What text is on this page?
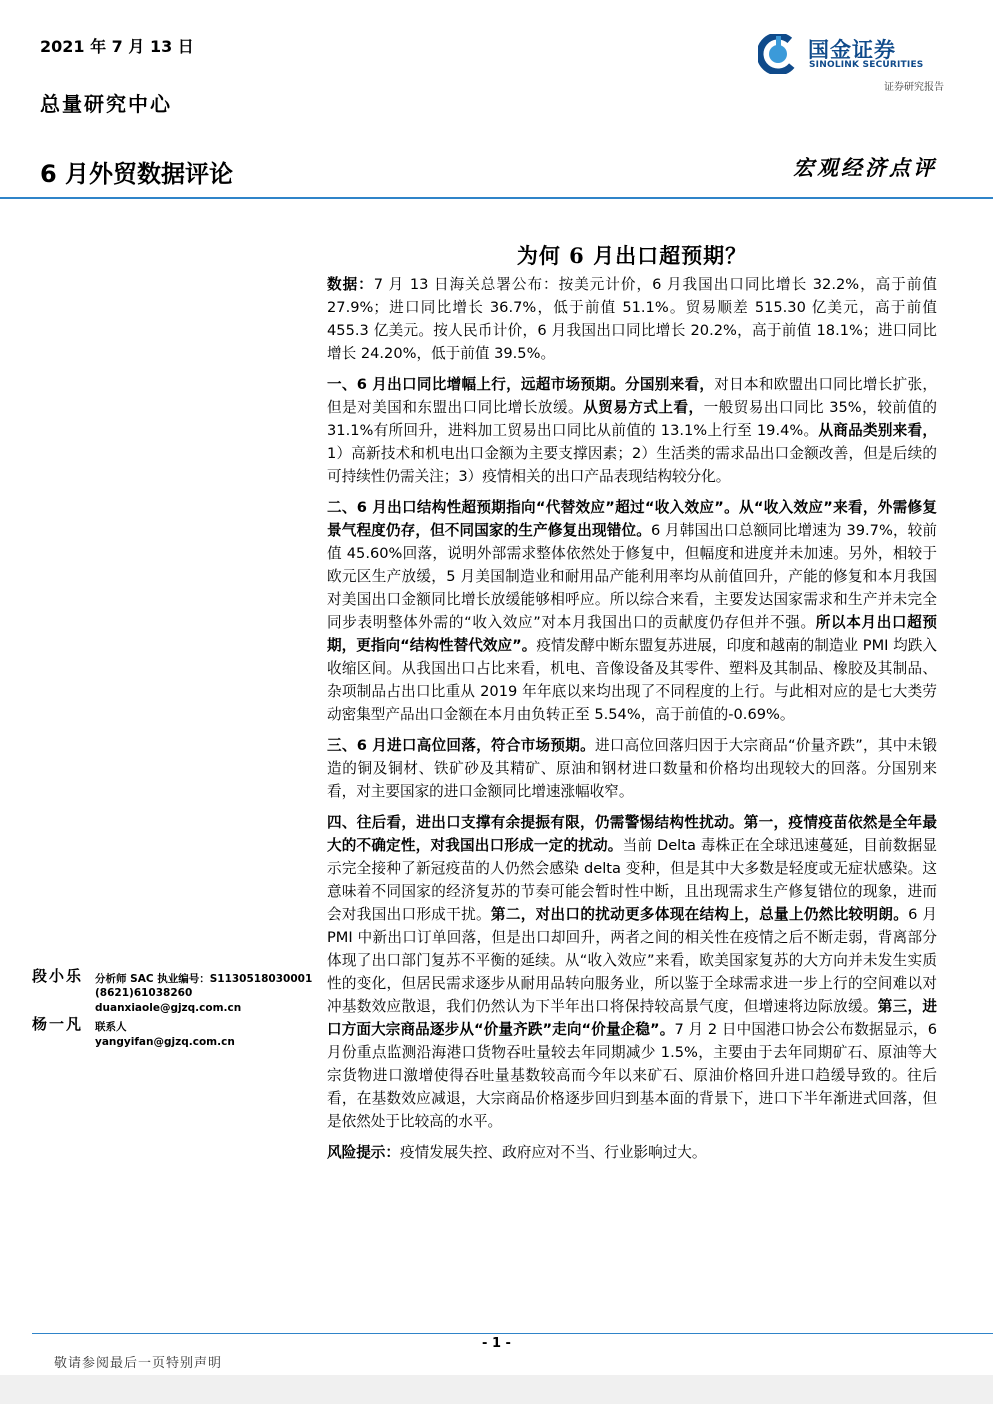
2021 年 7 月 13 日
总量研究中心
6 月外贸数据评论	宏观经济点评
国金证券
SINOLINK SECURITIES
证券研究报告
为何 6 月出口超预期？

数据：7 月 13 日海关总署公布：按美元计价，6 月我国出口同比增长 32.2%，高于前值 27.9%；进口同比增长 36.7%，低于前值 51.1%。贸易顺差 515.30 亿美元，高于前值 455.3 亿美元。按人民币计价，6 月我国出口同比增长 20.2%，高于前值 18.1%；进口同比增长 24.20%，低于前值 39.5%。

一、6 月出口同比增幅上行，远超市场预期。分国别来看，对日本和欧盟出口同比增长扩张，但是对美国和东盟出口同比增长放缓。从贸易方式上看，一般贸易出口同比 35%，较前值的 31.1%有所回升，进料加工贸易出口同比从前值的 13.1%上行至 19.4%。从商品类别来看，1）高新技术和机电出口金额为主要支撑因素；2）生活类的需求品出口金额改善，但是后续的可持续性仍需关注；3）疫情相关的出口产品表现结构较分化。

二、6 月出口结构性超预期指向“代替效应”超过“收入效应”。从“收入效应”来看，外需修复景气程度仍存，但不同国家的生产修复出现错位。6 月韩国出口总额同比增速为 39.7%，较前值 45.60%回落，说明外部需求整体依然处于修复中，但幅度和进度并未加速。另外，相较于欧元区生产放缓，5 月美国制造业和耐用品产能利用率均从前值回升，产能的修复和本月我国对美国出口金额同比增长放缓能够相呼应。所以综合来看，主要发达国家需求和生产并未完全同步表明整体外需的“收入效应”对本月我国出口的贡献度仍存但并不强。所以本月出口超预期，更指向“结构性替代效应”。疫情发酵中断东盟复苏进展，印度和越南的制造业 PMI 均跌入收缩区间。从我国出口占比来看，机电、音像设备及其零件、塑料及其制品、橡胶及其制品、杂项制品占出口比重从 2019 年年底以来均出现了不同程度的上行。与此相对应的是七大类劳动密集型产品出口金额在本月由负转正至 5.54%，高于前值的-0.69%。

三、6 月进口高位回落，符合市场预期。进口高位回落归因于大宗商品“价量齐跌”，其中未锻造的铜及铜材、铁矿砂及其精矿、原油和钢材进口数量和价格均出现较大的回落。分国别来看，对主要国家的进口金额同比增速涨幅收窄。

四、往后看，进出口支撑有余提振有限，仍需警惕结构性扰动。第一，疫情疫苗依然是全年最大的不确定性，对我国出口形成一定的扰动。当前 Delta 毒株正在全球迅速蔓延，目前数据显示完全接种了新冠疫苗的人仍然会感染 delta 变种，但是其中大多数是轻度或无症状感染。这意味着不同国家的经济复苏的节奏可能会暂时性中断，且出现需求生产修复错位的现象，进而会对我国出口形成干扰。第二，对出口的扰动更多体现在结构上，总量上仍然比较明朗。6 月 PMI 中新出口订单回落，但是出口却回升，两者之间的相关性在疫情之后不断走弱，背离部分体现了出口部门复苏不平衡的延续。从“收入效应”来看，欧美国家复苏的大方向并未发生实质性的变化，但居民需求逐步从耐用品转向服务业，所以鉴于全球需求进一步上行的空间难以对冲基数效应散退，我们仍然认为下半年出口将保持较高景气度，但增速将边际放缓。第三，进口方面大宗商品逐步从“价量齐跌”走向“价量企稳”。7 月 2 日中国港口协会公布数据显示，6 月份重点监测沿海港口货物吞吐量较去年同期减少 1.5%，主要由于去年同期矿石、原油等大宗货物进口激增使得吞吐量基数较高而今年以来矿石、原油价格回升进口趋缓导致的。往后看，在基数效应减退，大宗商品价格逐步回归到基本面的背景下，进口下半年渐进式回落，但是依然处于比较高的水平。

风险提示：疫情发展失控、政府应对不当、行业影响过大。

段小乐 分析师 SAC 执业编号：S1130518030001
(8621)61038260
duanxiaole@gjzq.com.cn
杨一凡 联系人
yangyifan@gjzq.com.cn
- 1 -
敬请参阅最后一页特别声明
